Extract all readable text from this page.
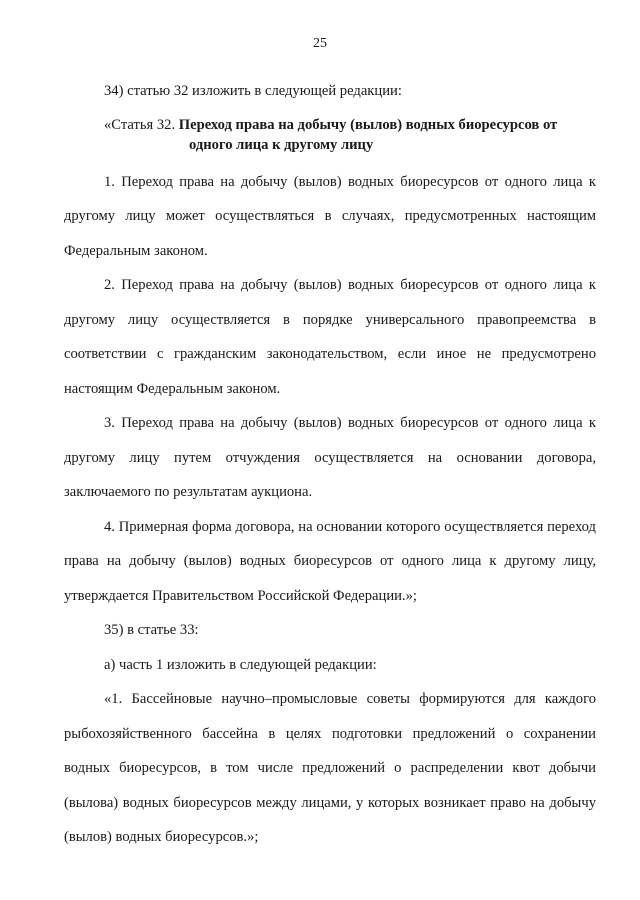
25

34) статью 32 изложить в следующей редакции:

«Статья 32. Переход права на добычу (вылов) водных биоресурсов от
одного лица к другому лицу

1. Переход права на добычу (вылов) водных биоресурсов от одного лица к другому лицу может осуществляться в случаях, предусмотренных настоящим Федеральным законом.

2. Переход права на добычу (вылов) водных биоресурсов от одного лица к другому лицу осуществляется в порядке универсального правопреемства в соответствии с гражданским законодательством, если иное не предусмотрено настоящим Федеральным законом.

3. Переход права на добычу (вылов) водных биоресурсов от одного лица к другому лицу путем отчуждения осуществляется на основании договора, заключаемого по результатам аукциона.

4. Примерная форма договора, на основании которого осуществляется переход права на добычу (вылов) водных биоресурсов от одного лица к другому лицу, утверждается Правительством Российской Федерации.»;

35) в статье 33:

а) часть 1 изложить в следующей редакции:

«1. Бассейновые научно–промысловые советы формируются для каждого рыбохозяйственного бассейна в целях подготовки предложений о сохранении водных биоресурсов, в том числе предложений о распределении квот добычи (вылова) водных биоресурсов между лицами, у которых возникает право на добычу (вылов) водных биоресурсов.»;
